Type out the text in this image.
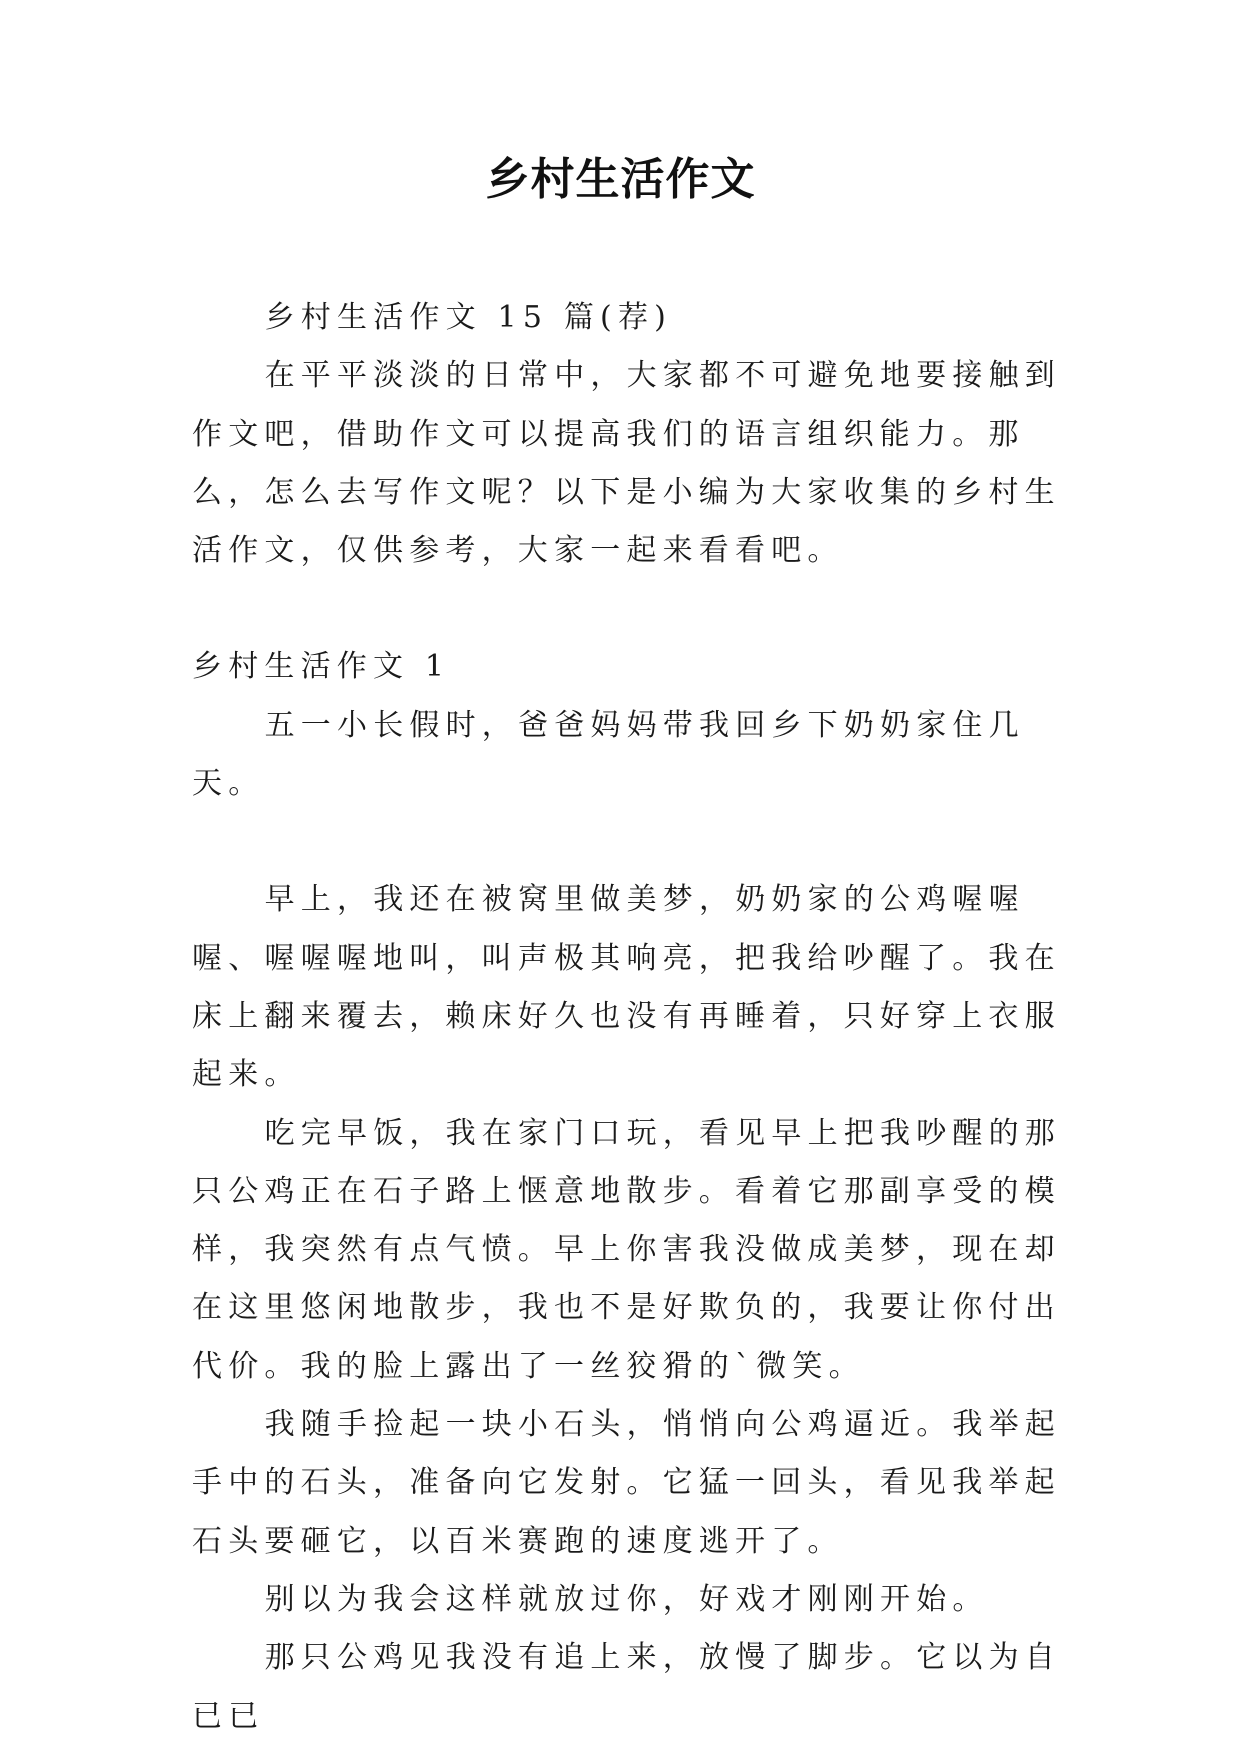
乡村生活作文

乡村生活作文 15 篇(荐)

在平平淡淡的日常中，大家都不可避免地要接触到作文吧，借助作文可以提高我们的语言组织能力。那么，怎么去写作文呢？以下是小编为大家收集的乡村生活作文，仅供参考，大家一起来看看吧。

乡村生活作文 1

五一小长假时，爸爸妈妈带我回乡下奶奶家住几天。

早上，我还在被窝里做美梦，奶奶家的公鸡喔喔喔、喔喔喔地叫，叫声极其响亮，把我给吵醒了。我在床上翻来覆去，赖床好久也没有再睡着，只好穿上衣服起来。

吃完早饭，我在家门口玩，看见早上把我吵醒的那只公鸡正在石子路上惬意地散步。看着它那副享受的模样，我突然有点气愤。早上你害我没做成美梦，现在却在这里悠闲地散步，我也不是好欺负的，我要让你付出代价。我的脸上露出了一丝狡猾的`微笑。

我随手捡起一块小石头，悄悄向公鸡逼近。我举起手中的石头，准备向它发射。它猛一回头，看见我举起石头要砸它，以百米赛跑的速度逃开了。

别以为我会这样就放过你，好戏才刚刚开始。

那只公鸡见我没有追上来，放慢了脚步。它以为自已已
